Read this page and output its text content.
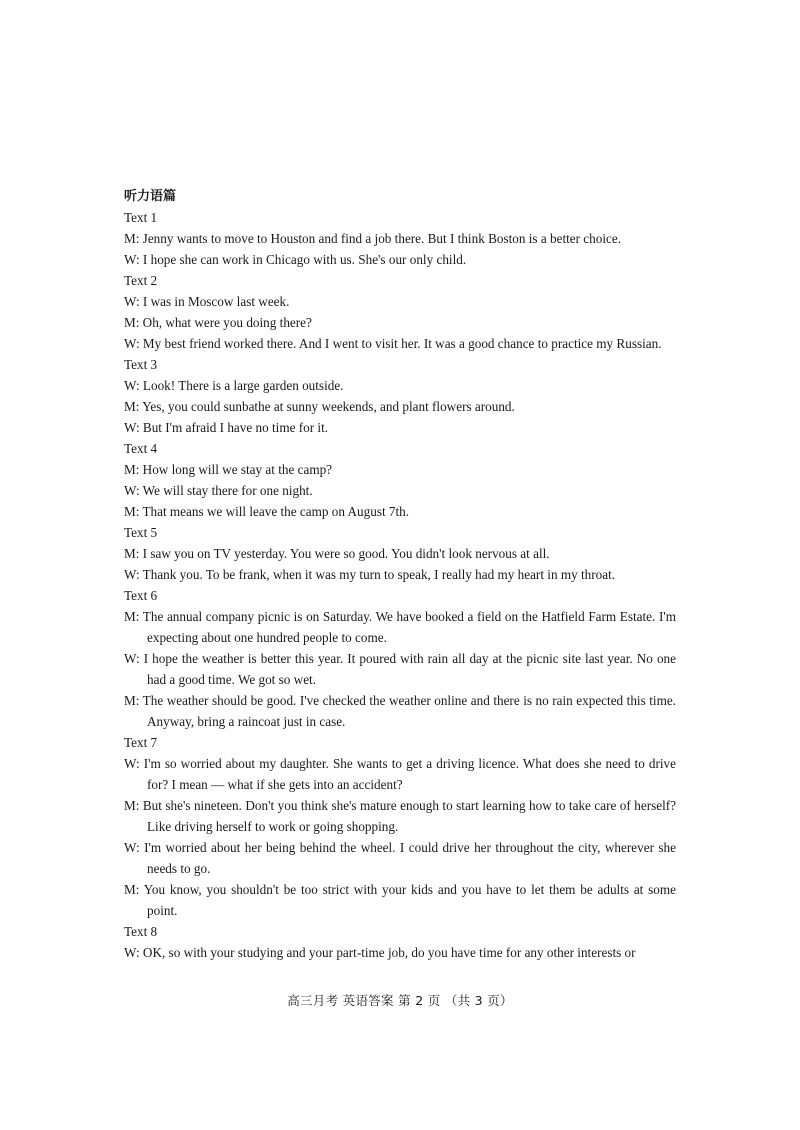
听力语篇
Text 1
M: Jenny wants to move to Houston and find a job there. But I think Boston is a better choice.
W: I hope she can work in Chicago with us. She's our only child.
Text 2
W: I was in Moscow last week.
M: Oh, what were you doing there?
W: My best friend worked there. And I went to visit her. It was a good chance to practice my Russian.
Text 3
W: Look! There is a large garden outside.
M: Yes, you could sunbathe at sunny weekends, and plant flowers around.
W: But I'm afraid I have no time for it.
Text 4
M: How long will we stay at the camp?
W: We will stay there for one night.
M: That means we will leave the camp on August 7th.
Text 5
M: I saw you on TV yesterday. You were so good. You didn't look nervous at all.
W: Thank you. To be frank, when it was my turn to speak, I really had my heart in my throat.
Text 6
M: The annual company picnic is on Saturday. We have booked a field on the Hatfield Farm Estate. I'm expecting about one hundred people to come.
W: I hope the weather is better this year. It poured with rain all day at the picnic site last year. No one had a good time. We got so wet.
M: The weather should be good. I've checked the weather online and there is no rain expected this time. Anyway, bring a raincoat just in case.
Text 7
W: I'm so worried about my daughter. She wants to get a driving licence. What does she need to drive for? I mean — what if she gets into an accident?
M: But she's nineteen. Don't you think she's mature enough to start learning how to take care of herself? Like driving herself to work or going shopping.
W: I'm worried about her being behind the wheel. I could drive her throughout the city, wherever she needs to go.
M: You know, you shouldn't be too strict with your kids and you have to let them be adults at some point.
Text 8
W: OK, so with your studying and your part-time job, do you have time for any other interests or
高三月考 英语答案 第 2 页 （共 3 页）
